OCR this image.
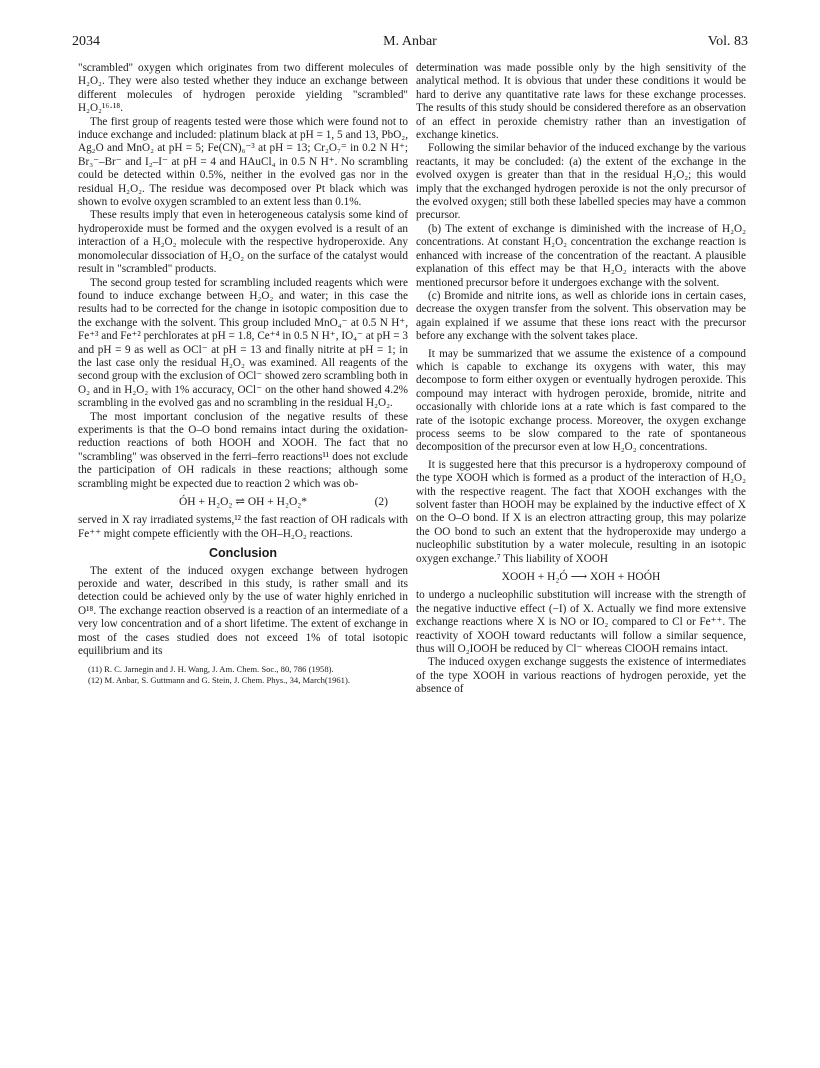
2034	M. Anbar	Vol. 83

"scrambled" oxygen which originates from two different molecules of H₂O₂. They were also tested whether they induce an exchange between different molecules of hydrogen peroxide yielding "scrambled" H₂O₂¹⁶·¹⁸.

The first group of reagents tested were those which were found not to induce exchange and included: platinum black at pH = 1, 5 and 13, PbO₂, Ag₂O and MnO₂ at pH = 5; Fe(CN)₆⁻³ at pH = 13; Cr₂O₇⁼ in 0.2 N H⁺; Br₃⁻–Br⁻ and I₂–I⁻ at pH = 4 and HAuCl₄ in 0.5 N H⁺. No scrambling could be detected within 0.5%, neither in the evolved gas nor in the residual H₂O₂. The residue was decomposed over Pt black which was shown to evolve oxygen scrambled to an extent less than 0.1%.

These results imply that even in heterogeneous catalysis some kind of hydroperoxide must be formed and the oxygen evolved is a result of an interaction of a H₂O₂ molecule with the respective hydroperoxide. Any monomolecular dissociation of H₂O₂ on the surface of the catalyst would result in "scrambled" products.

The second group tested for scrambling included reagents which were found to induce exchange between H₂O₂ and water; in this case the results had to be corrected for the change in isotopic composition due to the exchange with the solvent. This group included MnO₄⁻ at 0.5 N H⁺, Fe⁺³ and Fe⁺² perchlorates at pH = 1.8, Ce⁺⁴ in 0.5 N H⁺, IO₄⁻ at pH = 3 and pH = 9 as well as OCl⁻ at pH = 13 and finally nitrite at pH = 1; in the last case only the residual H₂O₂ was examined. All reagents of the second group with the exclusion of OCl⁻ showed zero scrambling both in O₂ and in H₂O₂ with 1% accuracy, OCl⁻ on the other hand showed 4.2% scrambling in the evolved gas and no scrambling in the residual H₂O₂.

The most important conclusion of the negative results of these experiments is that the O–O bond remains intact during the oxidation-reduction reactions of both HOOH and XOOH. The fact that no "scrambling" was observed in the ferri–ferro reactions¹¹ does not exclude the participation of OH radicals in these reactions; although some scrambling might be expected due to reaction 2 which was ob-

ÓH + H₂O₂ ⇌ OH + H₂O₂*	(2)

served in X ray irradiated systems,¹² the fast reaction of OH radicals with Fe⁺⁺ might compete efficiently with the OH–H₂O₂ reactions.

Conclusion

The extent of the induced oxygen exchange between hydrogen peroxide and water, described in this study, is rather small and its detection could be achieved only by the use of water highly enriched in O¹⁸. The exchange reaction observed is a reaction of an intermediate of a very low concentration and of a short lifetime. The extent of exchange in most of the cases studied does not exceed 1% of total isotopic equilibrium and its

(11) R. C. Jarnegin and J. H. Wang, J. Am. Chem. Soc., 80, 786 (1958).
(12) M. Anbar, S. Guttmann and G. Stein, J. Chem. Phys., 34, March(1961).

determination was made possible only by the high sensitivity of the analytical method. It is obvious that under these conditions it would be hard to derive any quantitative rate laws for these exchange processes. The results of this study should be considered therefore as an observation of an effect in peroxide chemistry rather than an investigation of exchange kinetics.

Following the similar behavior of the induced exchange by the various reactants, it may be concluded: (a) the extent of the exchange in the evolved oxygen is greater than that in the residual H₂O₂; this would imply that the exchanged hydrogen peroxide is not the only precursor of the evolved oxygen; still both these labelled species may have a common precursor.

(b) The extent of exchange is diminished with the increase of H₂O₂ concentrations. At constant H₂O₂ concentration the exchange reaction is enhanced with increase of the concentration of the reactant. A plausible explanation of this effect may be that H₂O₂ interacts with the above mentioned precursor before it undergoes exchange with the solvent.

(c) Bromide and nitrite ions, as well as chloride ions in certain cases, decrease the oxygen transfer from the solvent. This observation may be again explained if we assume that these ions react with the precursor before any exchange with the solvent takes place.

It may be summarized that we assume the existence of a compound which is capable to exchange its oxygens with water, this may decompose to form either oxygen or eventually hydrogen peroxide. This compound may interact with hydrogen peroxide, bromide, nitrite and occasionally with chloride ions at a rate which is fast compared to the rate of the isotopic exchange process. Moreover, the oxygen exchange process seems to be slow compared to the rate of spontaneous decomposition of the precursor even at low H₂O₂ concentrations.

It is suggested here that this precursor is a hydroperoxy compound of the type XOOH which is formed as a product of the interaction of H₂O₂ with the respective reagent. The fact that XOOH exchanges with the solvent faster than HOOH may be explained by the inductive effect of X on the O–O bond. If X is an electron attracting group, this may polarize the OO bond to such an extent that the hydroperoxide may undergo a nucleophilic substitution by a water molecule, resulting in an isotopic oxygen exchange.⁷ This liability of XOOH

XOOH + H₂Ó ⟶ XOH + HOÓH

to undergo a nucleophilic substitution will increase with the strength of the negative inductive effect (−I) of X. Actually we find more extensive exchange reactions where X is NO or IO₂ compared to Cl or Fe⁺⁺. The reactivity of XOOH toward reductants will follow a similar sequence, thus will O₂IOOH be reduced by Cl⁻ whereas ClOOH remains intact.

The induced oxygen exchange suggests the existence of intermediates of the type XOOH in various reactions of hydrogen peroxide, yet the absence of
